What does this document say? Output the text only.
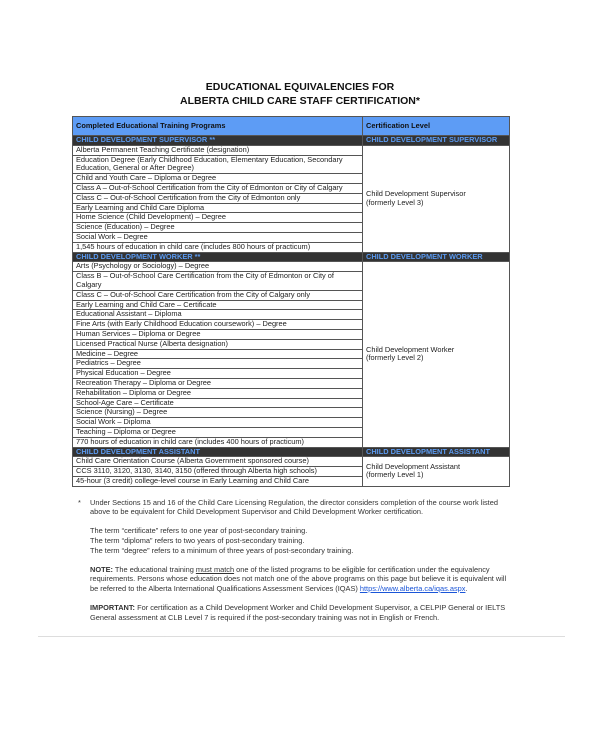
EDUCATIONAL EQUIVALENCIES FOR
ALBERTA CHILD CARE STAFF CERTIFICATION*
Completed Educational Training Programs	Certification Level
CHILD DEVELOPMENT SUPERVISOR **	CHILD DEVELOPMENT SUPERVISOR
Alberta Permanent Teaching Certificate (designation)	Child Development Supervisor
(formerly Level 3)
Education Degree (Early Childhood Education, Elementary Education, Secondary Education, General or After Degree)	
Child and Youth Care – Diploma or Degree	
Class A – Out-of-School Certification from the City of Edmonton or City of Calgary	
Class C – Out-of-School Certification from the City of Edmonton only	
Early Learning and Child Care Diploma	
Home Science (Child Development) – Degree	
Science (Education) – Degree	
Social Work – Degree	
1,545 hours of education in child care (includes 800 hours of practicum)	
CHILD DEVELOPMENT WORKER **	CHILD DEVELOPMENT WORKER
Arts (Psychology or Sociology) – Degree	Child Development Worker
(formerly Level 2)
Class B – Out-of-School Care Certification from the City of Edmonton or City of Calgary	
Class C – Out-of-School Care Certification from the City of Calgary only	
Early Learning and Child Care – Certificate	
Educational Assistant – Diploma	
Fine Arts (with Early Childhood Education coursework) – Degree	
Human Services – Diploma or Degree	
Licensed Practical Nurse (Alberta designation)	
Medicine – Degree	
Pediatrics – Degree	
Physical Education – Degree	
Recreation Therapy – Diploma or Degree	
Rehabilitation – Diploma or Degree	
School-Age Care – Certificate	
Science (Nursing) – Degree	
Social Work – Diploma	
Teaching – Diploma or Degree	
770 hours of education in child care (includes 400 hours of practicum)	
CHILD DEVELOPMENT ASSISTANT	CHILD DEVELOPMENT ASSISTANT
Child Care Orientation Course (Alberta Government sponsored course)	Child Development Assistant
(formerly Level 1)
CCS 3110, 3120, 3130, 3140, 3150 (offered through Alberta high schools)	
45-hour (3 credit) college-level course in Early Learning and Child Care	
*	Under Sections 15 and 16 of the Child Care Licensing Regulation, the director considers completion of the course work listed above to be equivalent for Child Development Supervisor and Child Development Worker certification.

The term “certificate” refers to one year of post-secondary training.
The term “diploma” refers to two years of post-secondary training.
The term “degree” refers to a minimum of three years of post-secondary training.

NOTE: The educational training must match one of the listed programs to be eligible for certification under the equivalency requirements. Persons whose education does not match one of the above programs on this page but believe it is equivalent will be referred to the Alberta International Qualifications Assessment Services (IQAS) https://www.alberta.ca/iqas.aspx.

IMPORTANT: For certification as a Child Development Worker and Child Development Supervisor, a CELPIP General or IELTS General assessment at CLB Level 7 is required if the post-secondary training was not in English or French.
